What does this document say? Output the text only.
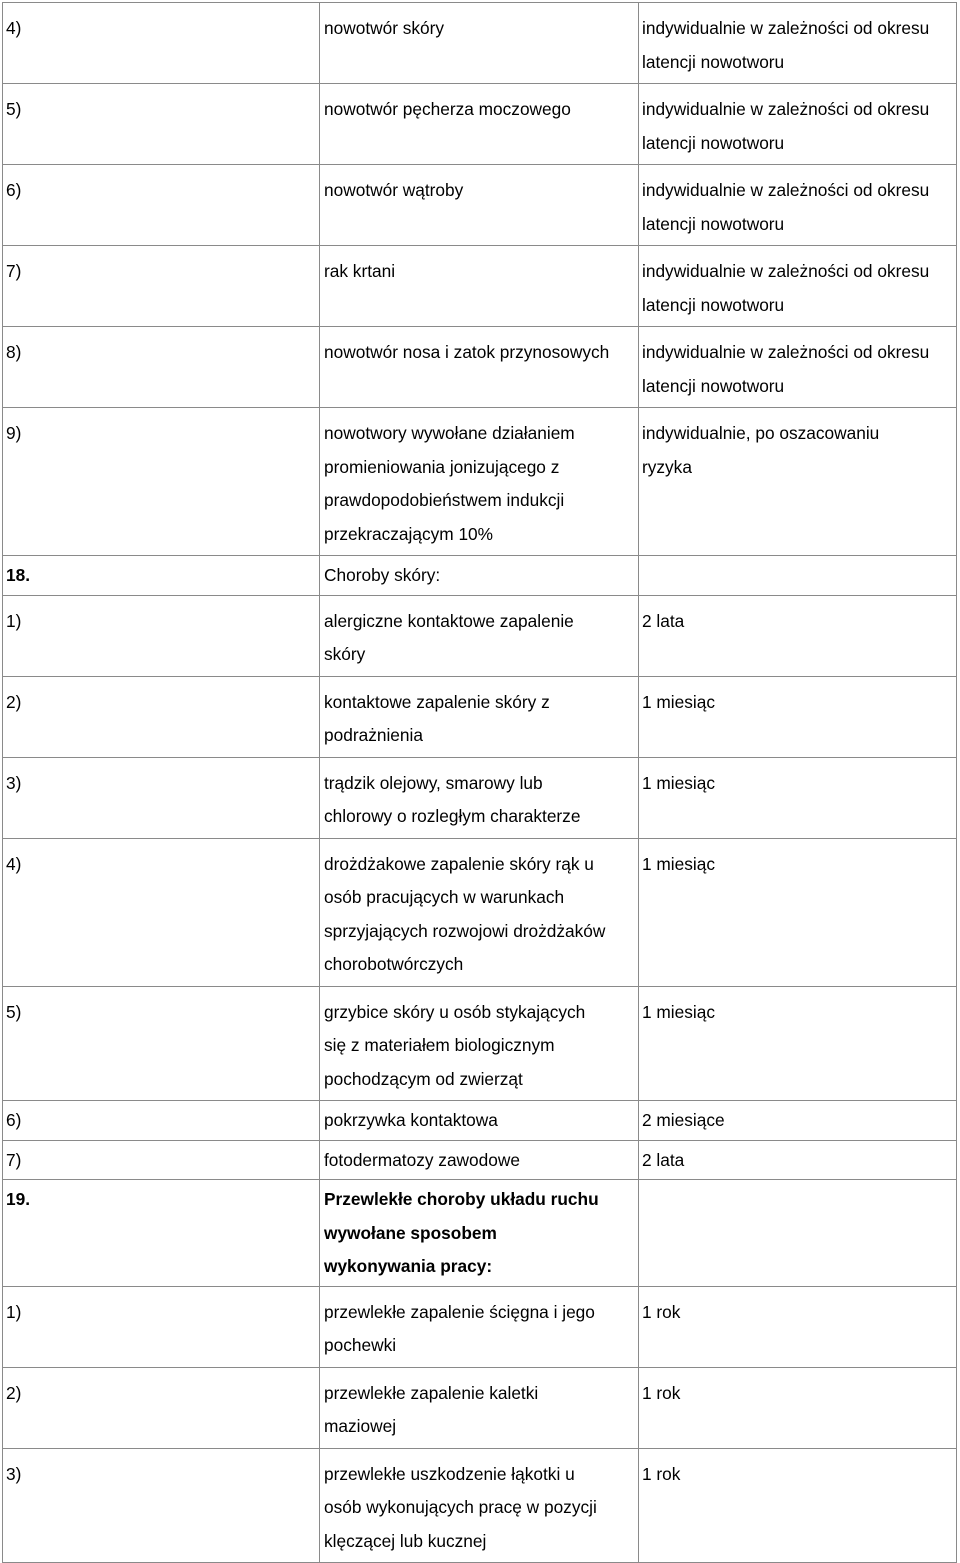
4)	nowotwór skóry	indywidualnie w zależności od okresu
latencji nowotworu

5)	nowotwór pęcherza moczowego	indywidualnie w zależności od okresu
latencji nowotworu

6)	nowotwór wątroby	indywidualnie w zależności od okresu
latencji nowotworu

7)	rak krtani	indywidualnie w zależności od okresu
latencji nowotworu

8)	nowotwór nosa i zatok przynosowych	indywidualnie w zależności od okresu
latencji nowotworu

9)	nowotwory wywołane działaniem
promieniowania jonizującego z
prawdopodobieństwem indukcji
przekraczającym 10%	indywidualnie, po oszacowaniu
ryzyka

18.	Choroby skóry:	

1)	alergiczne kontaktowe zapalenie
skóry	2 lata

2)	kontaktowe zapalenie skóry z
podrażnienia	1 miesiąc

3)	trądzik olejowy, smarowy lub
chlorowy o rozległym charakterze	1 miesiąc

4)	drożdżakowe zapalenie skóry rąk u
osób pracujących w warunkach
sprzyjających rozwojowi drożdżaków
chorobotwórczych	1 miesiąc

5)	grzybice skóry u osób stykających
się z materiałem biologicznym
pochodzącym od zwierząt	1 miesiąc

6)	pokrzywka kontaktowa	2 miesiące

7)	fotodermatozy zawodowe	2 lata

19.	Przewlekłe choroby układu ruchu
wywołane sposobem
wykonywania pracy:	

1)	przewlekłe zapalenie ścięgna i jego
pochewki	1 rok

2)	przewlekłe zapalenie kaletki
maziowej	1 rok

3)	przewlekłe uszkodzenie łąkotki u
osób wykonujących pracę w pozycji
klęczącej lub kucznej	1 rok
